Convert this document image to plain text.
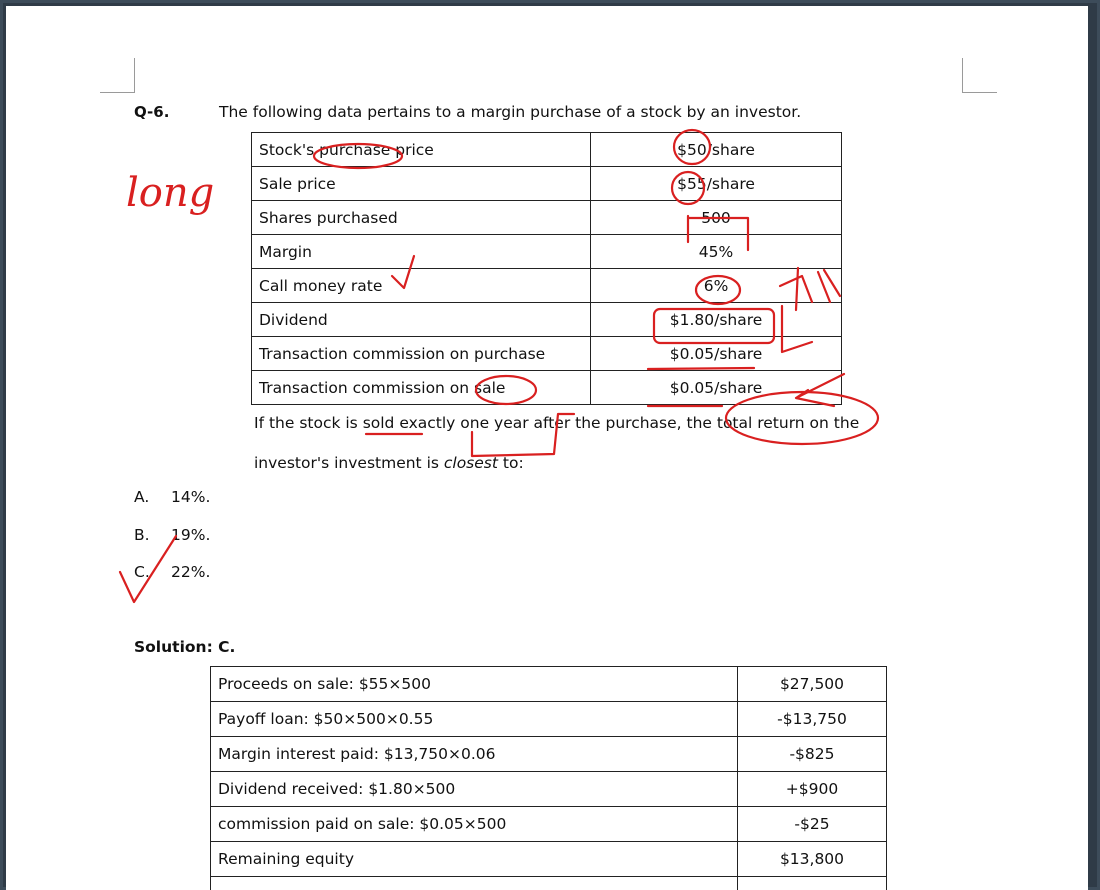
Q-6.	The following data pertains to a margin purchase of a stock by an investor.
Stock's purchase price	$50/share
Sale price	$55/share
Shares purchased	500
Margin	45%
Call money rate	6%
Dividend	$1.80/share
Transaction commission on purchase	$0.05/share
Transaction commission on sale	$0.05/share
If the stock is sold exactly one year after the purchase, the total return on the
investor's investment is closest to:
A. 14%.
B. 19%.
C. 22%.
Solution: C.
Proceeds on sale: $55×500	$27,500
Payoff loan: $50×500×0.55	-$13,750
Margin interest paid: $13,750×0.06	-$825
Dividend received: $1.80×500	+$900
commission paid on sale: $0.05×500	-$25
Remaining equity	$13,800

long
